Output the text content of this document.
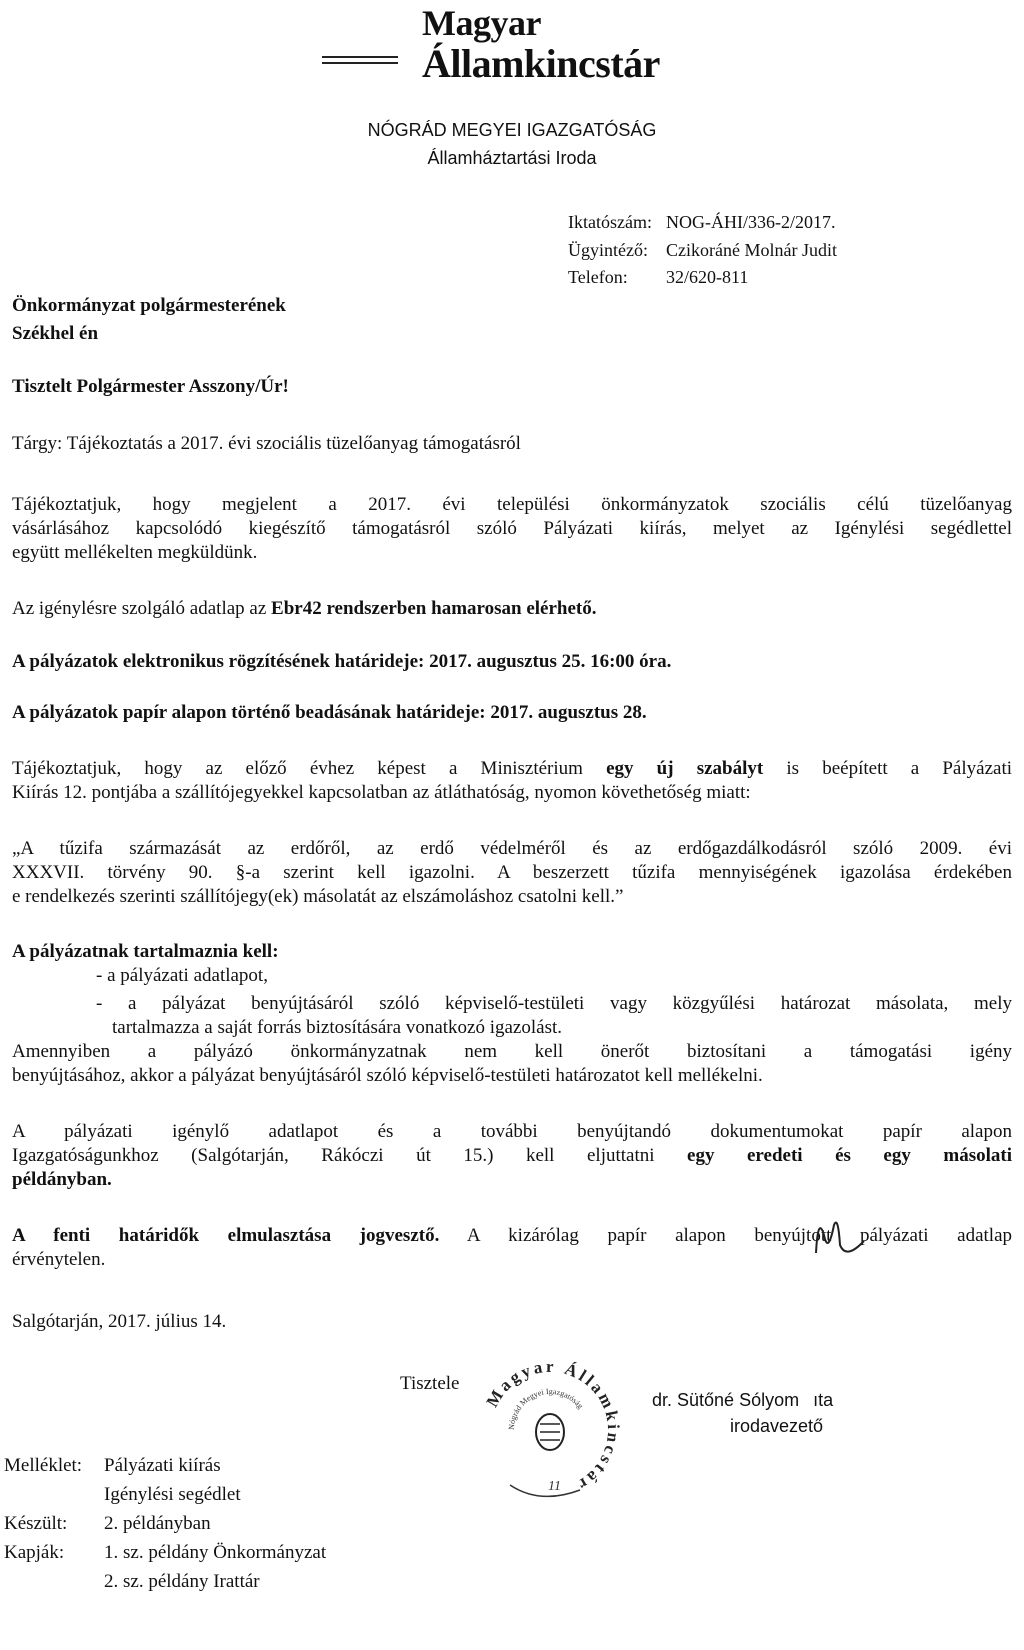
Magyar
Államkincstár
NÓGRÁD MEGYEI IGAZGATÓSÁG
Államháztartási Iroda
Iktatószám: NOG-ÁHI/336-2/2017.
Ügyintéző: Czikoráné Molnár Judit
Telefon: 32/620-811
Önkormányzat polgármesterének
Székhel én
Tisztelt Polgármester Asszony/Úr!
Tárgy: Tájékoztatás a 2017. évi szociális tüzelőanyag támogatásról
Tájékoztatjuk, hogy megjelent a 2017. évi települési önkormányzatok szociális célú tüzelőanyag
vásárlásához kapcsolódó kiegészítő támogatásról szóló Pályázati kiírás, melyet az Igénylési segédlettel
együtt mellékelten megküldünk.
Az igénylésre szolgáló adatlap az Ebr42 rendszerben hamarosan elérhető.
A pályázatok elektronikus rögzítésének határideje: 2017. augusztus 25. 16:00 óra.
A pályázatok papír alapon történő beadásának határideje: 2017. augusztus 28.
Tájékoztatjuk, hogy az előző évhez képest a Minisztérium egy új szabályt is beépített a Pályázati
Kiírás 12. pontjába a szállítójegyekkel kapcsolatban az átláthatóság, nyomon követhetőség miatt:
„A tűzifa származását az erdőről, az erdő védelméről és az erdőgazdálkodásról szóló 2009. évi
XXXVII. törvény 90. §-a szerint kell igazolni. A beszerzett tűzifa mennyiségének igazolása érdekében
e rendelkezés szerinti szállítójegy(ek) másolatát az elszámoláshoz csatolni kell.”
A pályázatnak tartalmaznia kell:
- a pályázati adatlapot,
- a pályázat benyújtásáról szóló képviselő-testületi vagy közgyűlési határozat másolata, mely
tartalmazza a saját forrás biztosítására vonatkozó igazolást.
Amennyiben a pályázó önkormányzatnak nem kell önerőt biztosítani a támogatási igény
benyújtásához, akkor a pályázat benyújtásáról szóló képviselő-testületi határozatot kell mellékelni.
A pályázati igénylő adatlapot és a további benyújtandó dokumentumokat papír alapon
Igazgatóságunkhoz (Salgótarján, Rákóczi út 15.) kell eljuttatni egy eredeti és egy másolati
példányban.
A fenti határidők elmulasztása jogvesztő. A kizárólag papír alapon benyújtott pályázati adatlap
érvénytelen.
Salgótarján, 2017. július 14.
Tisztele
Magyar Államkincstár
Nógrád Megyei Igazgatóság
11
dr. Sütőné Sólyom ıta
irodavezető
Melléklet: Pályázati kiírás
Igénylési segédlet
Készült: 2. példányban
Kapják: 1. sz. példány Önkormányzat
2. sz. példány Irattár
